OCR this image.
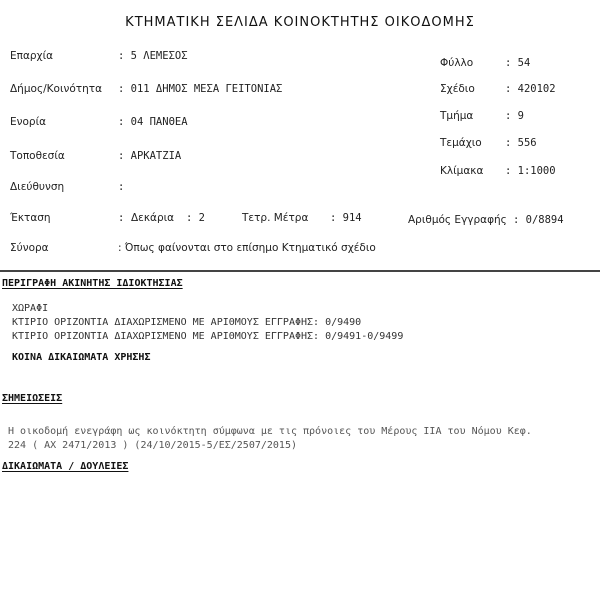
ΚΤΗΜΑΤΙΚΗ ΣΕΛΙΔΑ ΚΟΙΝΟΚΤΗΤΗΣ ΟΙΚΟΔΟΜΗΣ
Επαρχία	: 5 ΛΕΜΕΣΟΣ
Δήμος/Κοινότητα : 011 ΔΗΜΟΣ ΜΕΣΑ ΓΕΙΤΟΝΙΑΣ
Ενορία	: 04 ΠΑΝΘΕΑ
Τοποθεσία	: ΑΡΚΑΤΖΙΑ
Διεύθυνση	:
Φύλλο	: 54
Σχέδιο	: 420102
Τμήμα	: 9
Τεμάχιο : 556
Κλίμακα : 1:1000
Έκταση	: Δεκάρια : 2	Τετρ. Μέτρα : 914	Αριθμός Εγγραφής : 0/8894
Σύνορα	: Όπως φαίνονται στο επίσημο Κτηματικό σχέδιο
ΠΕΡΙΓΡΑΦΗ ΑΚΙΝΗΤΗΣ ΙΔΙΟΚΤΗΣΙΑΣ
ΧΩΡΑΦΙ
ΚΤΙΡΙΟ ΟΡΙΖΟΝΤΙΑ ΔΙΑΧΩΡΙΣΜΕΝΟ ΜΕ ΑΡΙΘΜΟΥΣ ΕΓΓΡΑΦΗΣ: 0/9490
ΚΤΙΡΙΟ ΟΡΙΖΟΝΤΙΑ ΔΙΑΧΩΡΙΣΜΕΝΟ ΜΕ ΑΡΙΘΜΟΥΣ ΕΓΓΡΑΦΗΣ: 0/9491-0/9499
ΚΟΙΝΑ ΔΙΚΑΙΩΜΑΤΑ ΧΡΗΣΗΣ
ΣΗΜΕΙΩΣΕΙΣ
Η οικοδομή ενεγράφη ως κοινόκτητη σύμφωνα με τις πρόνοιες του Μέρους ΙΙΑ του Νόμου Κεφ.
224 ( ΑΧ 2471/2013 ) (24/10/2015-5/ΕΣ/2507/2015)
ΔΙΚΑΙΩΜΑΤΑ / ΔΟΥΛΕΙΕΣ
